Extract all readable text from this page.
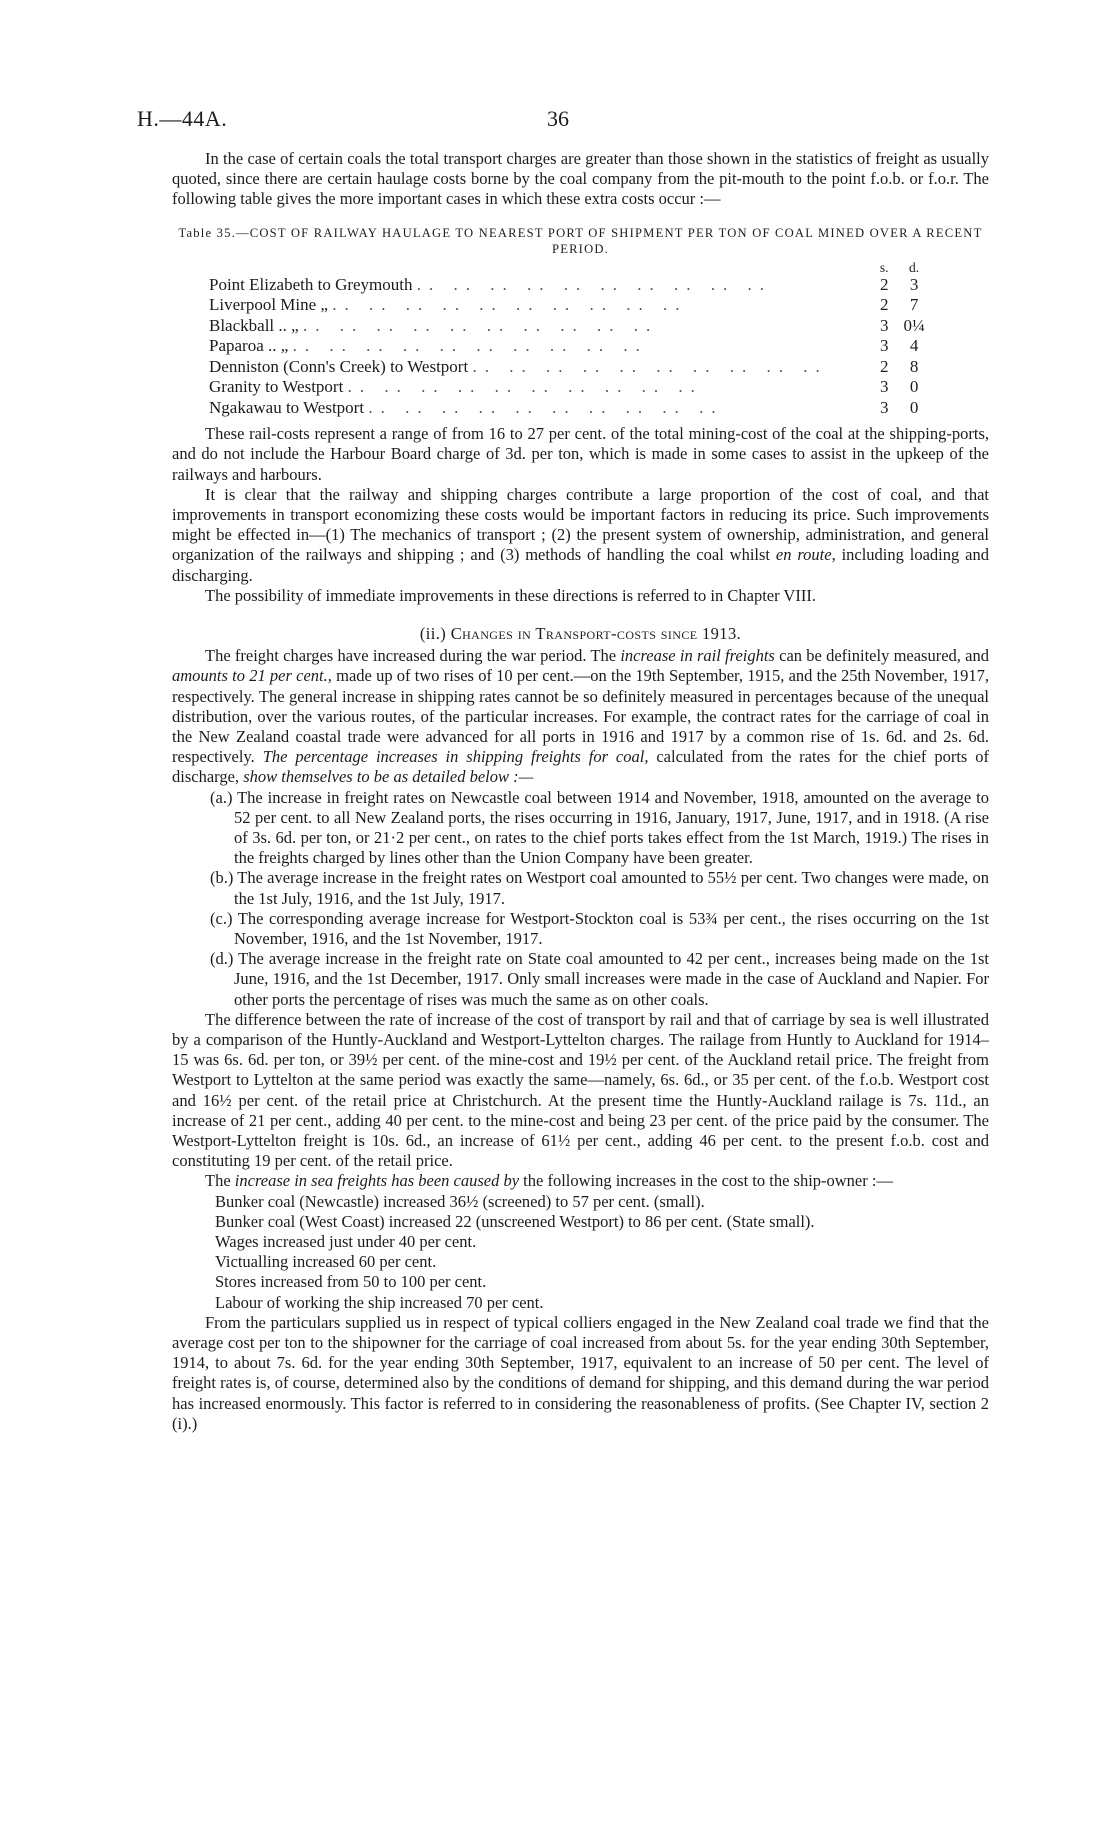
H.—44A.	36

In the case of certain coals the total transport charges are greater than those shown in the statistics of freight as usually quoted, since there are certain haulage costs borne by the coal company from the pit-mouth to the point f.o.b. or f.o.r. The following table gives the more important cases in which these extra costs occur :—

Table 35.—COST OF RAILWAY HAULAGE TO NEAREST PORT OF SHIPMENT PER TON OF COAL MINED OVER A RECENT PERIOD.
	s.	d.
Point Elizabeth to Greymouth .. .. .. .. .. .. .. .. .. ..	2	3
Liverpool Mine „ .. .. .. .. .. .. .. .. .. ..	2	7
Blackball .. „ .. .. .. .. .. .. .. .. .. ..	3	0¼
Paparoa .. „ .. .. .. .. .. .. .. .. .. ..	3	4
Denniston (Conn's Creek) to Westport .. .. .. .. .. .. .. .. .. ..	2	8
Granity to Westport .. .. .. .. .. .. .. .. .. ..	3	0
Ngakawau to Westport .. .. .. .. .. .. .. .. .. ..	3	0

These rail-costs represent a range of from 16 to 27 per cent. of the total mining-cost of the coal at the shipping-ports, and do not include the Harbour Board charge of 3d. per ton, which is made in some cases to assist in the upkeep of the railways and harbours.

It is clear that the railway and shipping charges contribute a large proportion of the cost of coal, and that improvements in transport economizing these costs would be important factors in reducing its price. Such improvements might be effected in—(1) The mechanics of transport ; (2) the present system of ownership, administration, and general organization of the railways and shipping ; and (3) methods of handling the coal whilst en route, including loading and discharging.

The possibility of immediate improvements in these directions is referred to in Chapter VIII.

(ii.) Changes in Transport-costs since 1913.

The freight charges have increased during the war period. The increase in rail freights can be definitely measured, and amounts to 21 per cent., made up of two rises of 10 per cent.—on the 19th September, 1915, and the 25th November, 1917, respectively. The general increase in shipping rates cannot be so definitely measured in percentages because of the unequal distribution, over the various routes, of the particular increases. For example, the contract rates for the carriage of coal in the New Zealand coastal trade were advanced for all ports in 1916 and 1917 by a common rise of 1s. 6d. and 2s. 6d. respectively. The percentage increases in shipping freights for coal, calculated from the rates for the chief ports of discharge, show themselves to be as detailed below :—

(a.) The increase in freight rates on Newcastle coal between 1914 and November, 1918, amounted on the average to 52 per cent. to all New Zealand ports, the rises occurring in 1916, January, 1917, June, 1917, and in 1918. (A rise of 3s. 6d. per ton, or 21·2 per cent., on rates to the chief ports takes effect from the 1st March, 1919.) The rises in the freights charged by lines other than the Union Company have been greater.

(b.) The average increase in the freight rates on Westport coal amounted to 55½ per cent. Two changes were made, on the 1st July, 1916, and the 1st July, 1917.

(c.) The corresponding average increase for Westport-Stockton coal is 53¾ per cent., the rises occurring on the 1st November, 1916, and the 1st November, 1917.

(d.) The average increase in the freight rate on State coal amounted to 42 per cent., increases being made on the 1st June, 1916, and the 1st December, 1917. Only small increases were made in the case of Auckland and Napier. For other ports the percentage of rises was much the same as on other coals.

The difference between the rate of increase of the cost of transport by rail and that of carriage by sea is well illustrated by a comparison of the Huntly-Auckland and Westport-Lyttelton charges. The railage from Huntly to Auckland for 1914–15 was 6s. 6d. per ton, or 39½ per cent. of the mine-cost and 19½ per cent. of the Auckland retail price. The freight from Westport to Lyttelton at the same period was exactly the same—namely, 6s. 6d., or 35 per cent. of the f.o.b. Westport cost and 16½ per cent. of the retail price at Christchurch. At the present time the Huntly-Auckland railage is 7s. 11d., an increase of 21 per cent., adding 40 per cent. to the mine-cost and being 23 per cent. of the price paid by the consumer. The Westport-Lyttelton freight is 10s. 6d., an increase of 61½ per cent., adding 46 per cent. to the present f.o.b. cost and constituting 19 per cent. of the retail price.

The increase in sea freights has been caused by the following increases in the cost to the ship-owner :—

Bunker coal (Newcastle) increased 36½ (screened) to 57 per cent. (small).

Bunker coal (West Coast) increased 22 (unscreened Westport) to 86 per cent. (State small).

Wages increased just under 40 per cent.

Victualling increased 60 per cent.

Stores increased from 50 to 100 per cent.

Labour of working the ship increased 70 per cent.

From the particulars supplied us in respect of typical colliers engaged in the New Zealand coal trade we find that the average cost per ton to the shipowner for the carriage of coal increased from about 5s. for the year ending 30th September, 1914, to about 7s. 6d. for the year ending 30th September, 1917, equivalent to an increase of 50 per cent. The level of freight rates is, of course, determined also by the conditions of demand for shipping, and this demand during the war period has increased enormously. This factor is referred to in considering the reasonableness of profits. (See Chapter IV, section 2 (i).)
